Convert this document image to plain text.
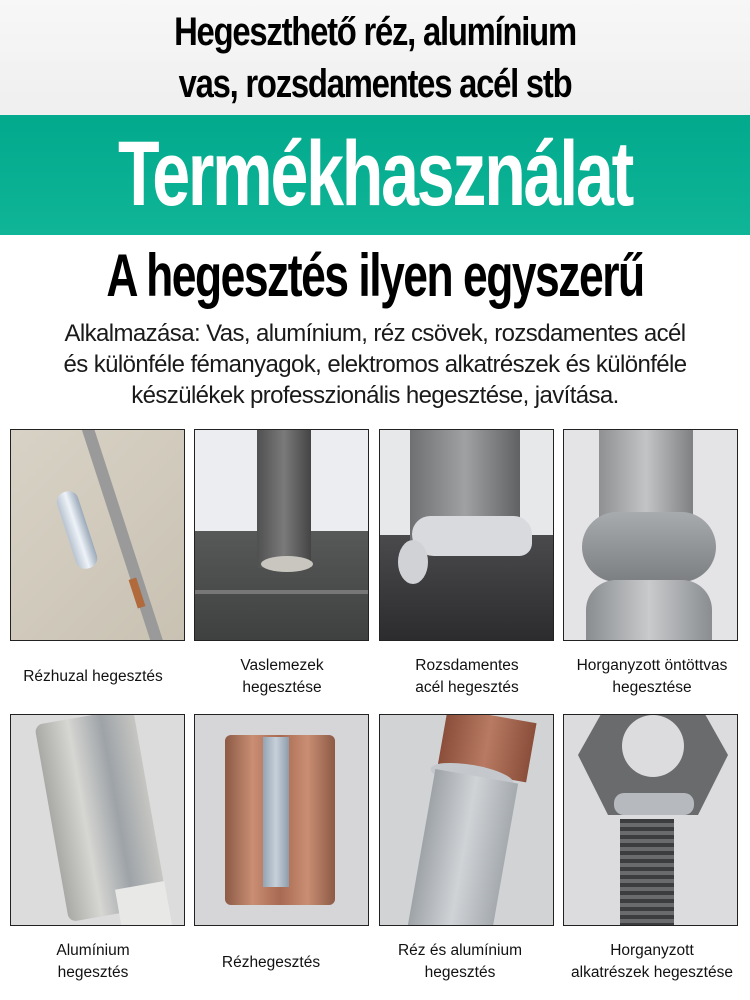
Hegeszthető réz, alumínium
vas, rozsdamentes acél stb
Termékhasználat
A hegesztés ilyen egyszerű
Alkalmazása: Vas, alumínium, réz csövek, rozsdamentes acél
és különféle fémanyagok, elektromos alkatrészek és különféle
készülékek professzionális hegesztése, javítása.
Rézhuzal hegesztés
Vaslemezek
hegesztése
Rozsdamentes
acél hegesztés
Horganyzott öntöttvas
hegesztése
Alumínium
hegesztés
Rézhegesztés
Réz és alumínium
hegesztés
Horganyzott
alkatrészek hegesztése
